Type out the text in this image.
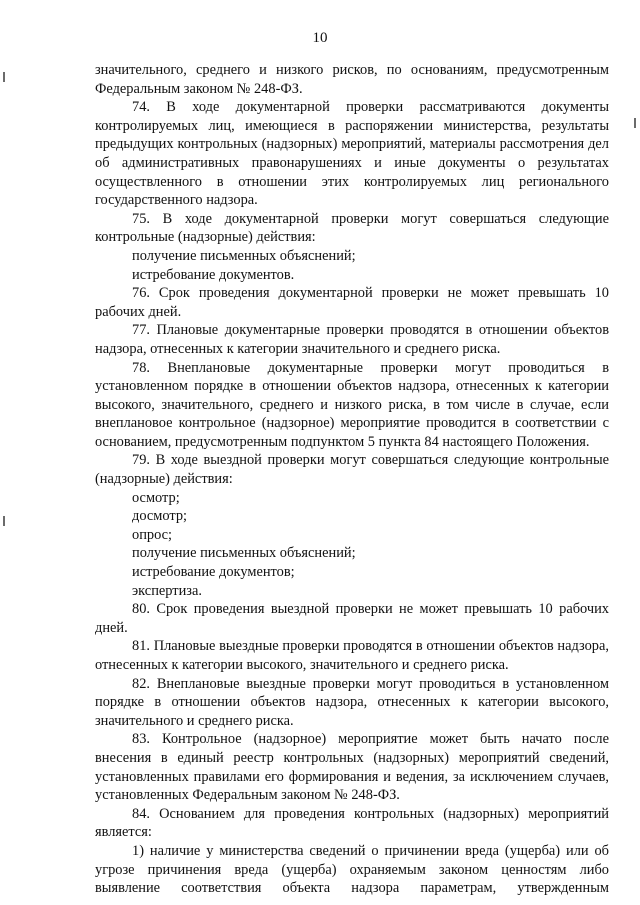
10

значительного, среднего и низкого рисков, по основаниям, предусмотренным Федеральным законом № 248-ФЗ.

74. В ходе документарной проверки рассматриваются документы контролируемых лиц, имеющиеся в распоряжении министерства, результаты предыдущих контрольных (надзорных) мероприятий, материалы рассмотрения дел об административных правонарушениях и иные документы о результатах осуществленного в отношении этих контролируемых лиц регионального государственного надзора.

75. В ходе документарной проверки могут совершаться следующие контрольные (надзорные) действия:

получение письменных объяснений;

истребование документов.

76. Срок проведения документарной проверки не может превышать 10 рабочих дней.

77. Плановые документарные проверки проводятся в отношении объектов надзора, отнесенных к категории значительного и среднего риска.

78. Внеплановые документарные проверки могут проводиться в установленном порядке в отношении объектов надзора, отнесенных к категории высокого, значительного, среднего и низкого риска, в том числе в случае, если внеплановое контрольное (надзорное) мероприятие проводится в соответствии с основанием, предусмотренным подпунктом 5 пункта 84 настоящего Положения.

79. В ходе выездной проверки могут совершаться следующие контрольные (надзорные) действия:

осмотр;

досмотр;

опрос;

получение письменных объяснений;

истребование документов;

экспертиза.

80. Срок проведения выездной проверки не может превышать 10 рабочих дней.

81. Плановые выездные проверки проводятся в отношении объектов надзора, отнесенных к категории высокого, значительного и среднего риска.

82. Внеплановые выездные проверки могут проводиться в установленном порядке в отношении объектов надзора, отнесенных к категории высокого, значительного и среднего риска.

83. Контрольное (надзорное) мероприятие может быть начато после внесения в единый реестр контрольных (надзорных) мероприятий сведений, установленных правилами его формирования и ведения, за исключением случаев, установленных Федеральным законом № 248-ФЗ.

84. Основанием для проведения контрольных (надзорных) мероприятий является:

1) наличие у министерства сведений о причинении вреда (ущерба) или об угрозе причинения вреда (ущерба) охраняемым законом ценностям либо выявление соответствия объекта надзора параметрам, утвержденным
